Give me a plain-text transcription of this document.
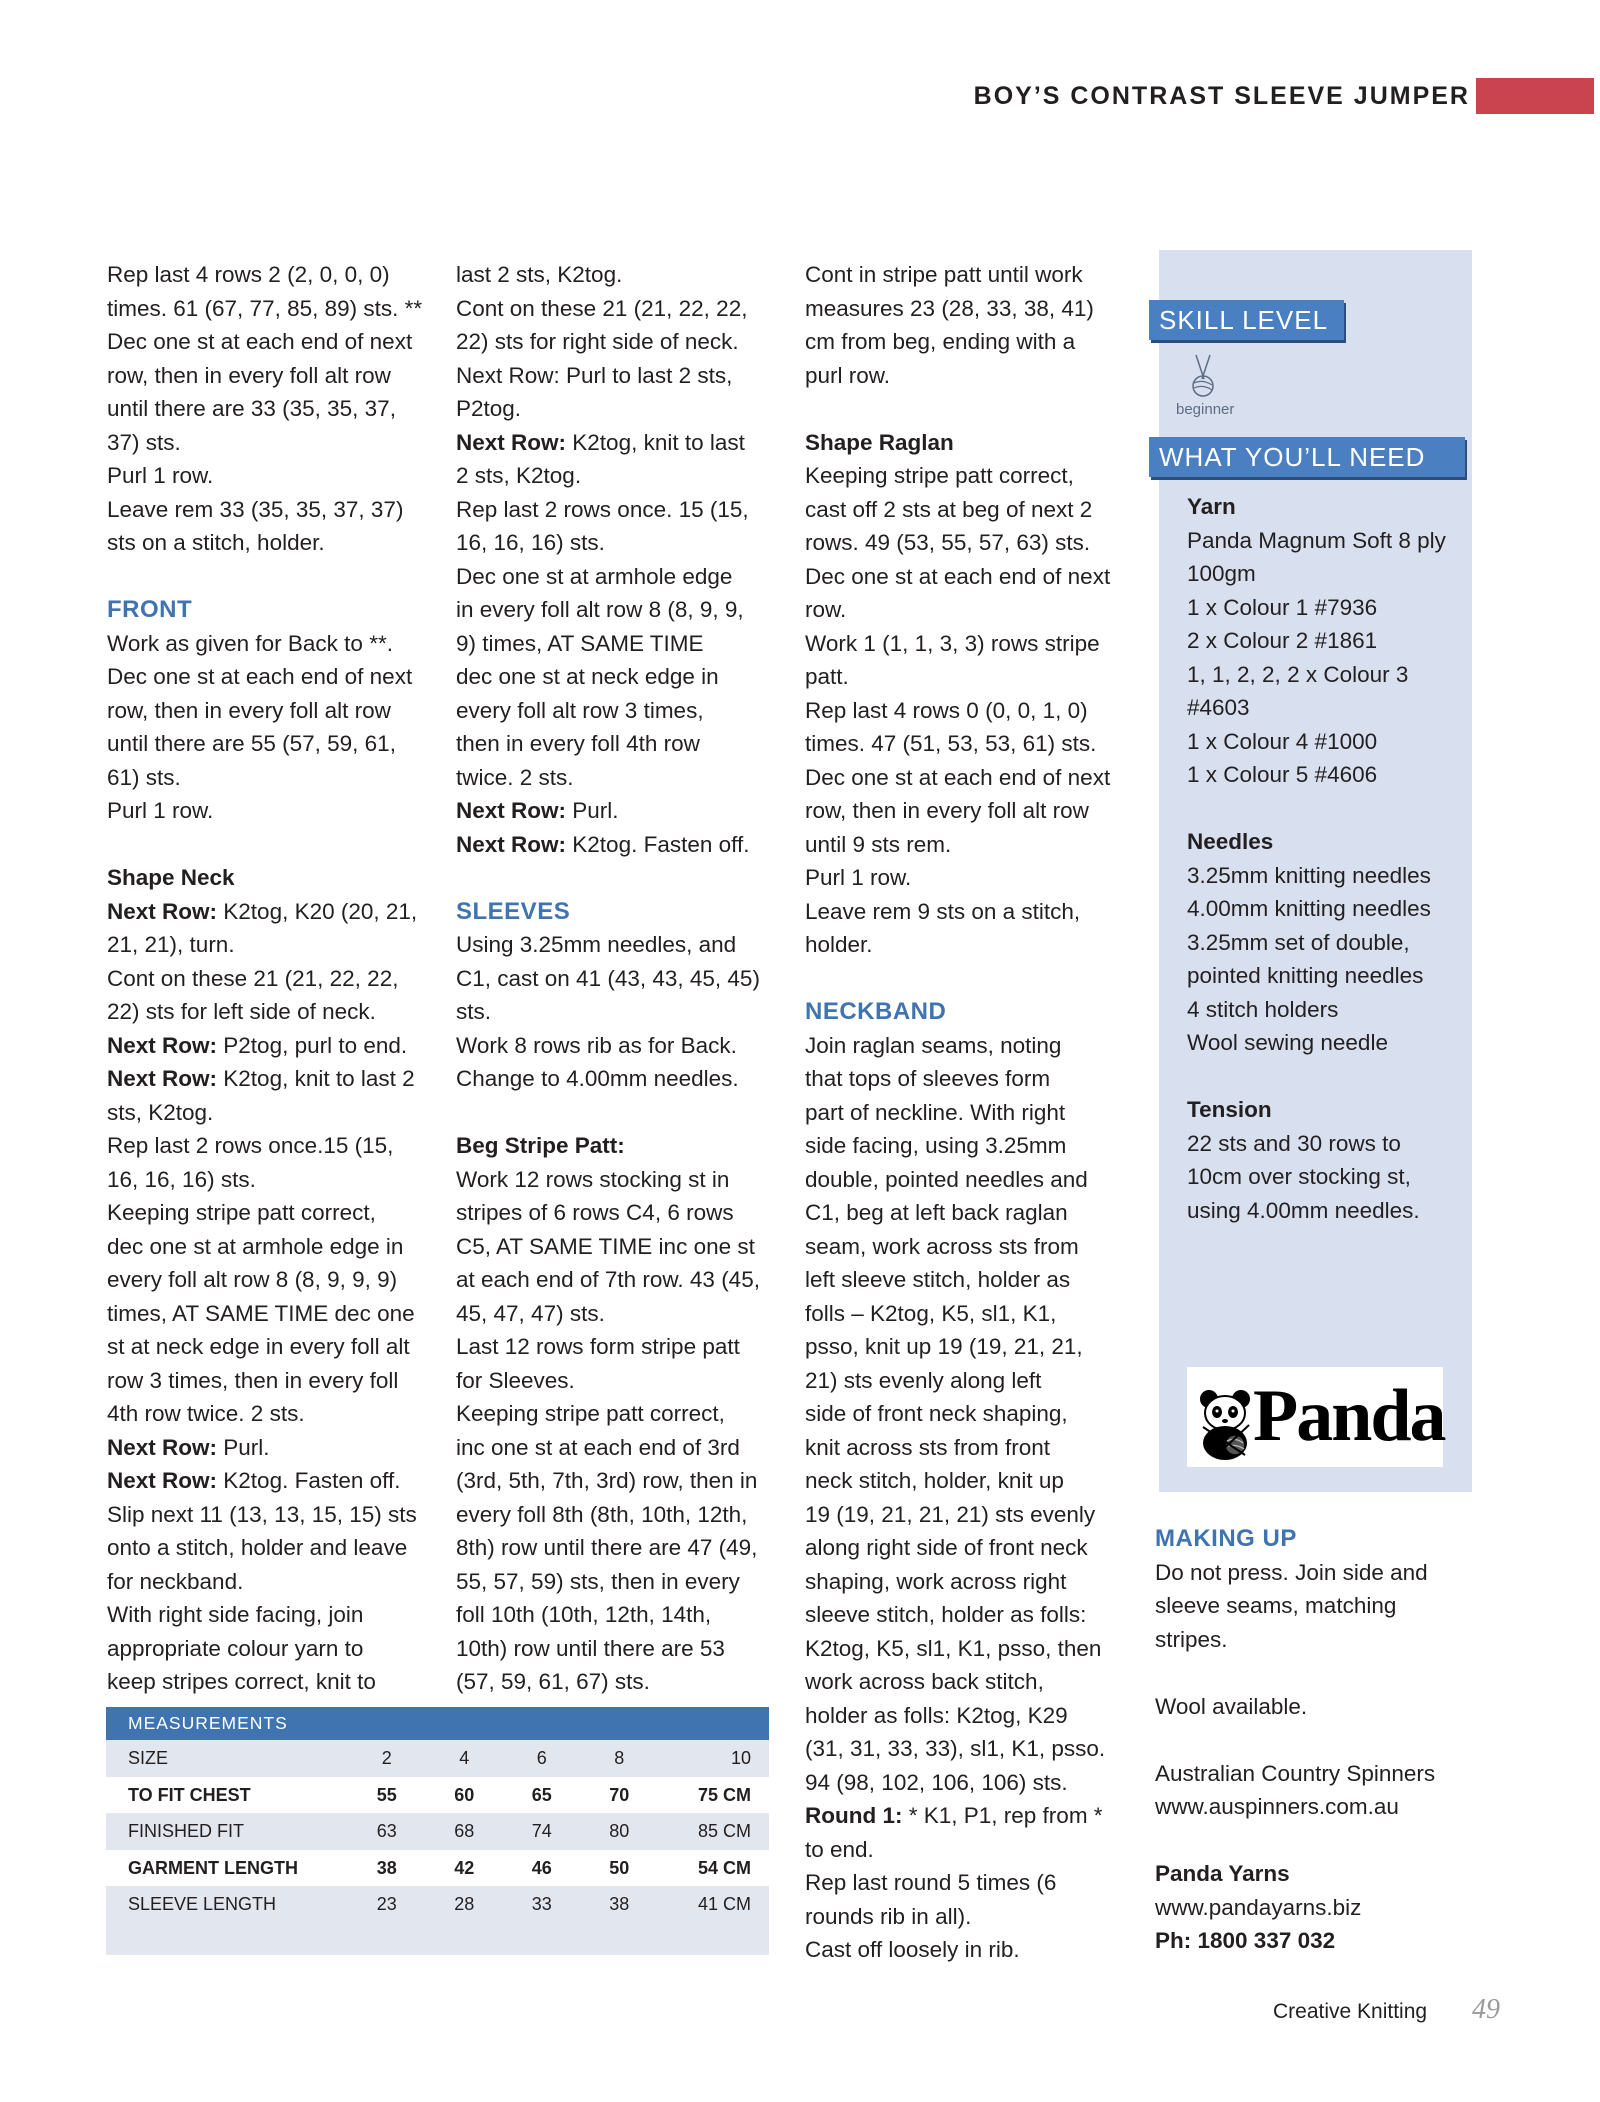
BOY’S CONTRAST SLEEVE JUMPER

Rep last 4 rows 2 (2, 0, 0, 0)

times. 61 (67, 77, 85, 89) sts. **

Dec one st at each end of next

row, then in every foll alt row

until there are 33 (35, 35, 37,

37) sts.

Purl 1 row.

Leave rem 33 (35, 35, 37, 37)

sts on a stitch, holder.

FRONT

Work as given for Back to **.

Dec one st at each end of next

row, then in every foll alt row

until there are 55 (57, 59, 61,

61) sts.

Purl 1 row.

Shape Neck

Next Row: K2tog, K20 (20, 21,

21, 21), turn.

Cont on these 21 (21, 22, 22,

22) sts for left side of neck.

Next Row: P2tog, purl to end.

Next Row: K2tog, knit to last 2

sts, K2tog.

Rep last 2 rows once.15 (15,

16, 16, 16) sts.

Keeping stripe patt correct,

dec one st at armhole edge in

every foll alt row 8 (8, 9, 9, 9)

times, AT SAME TIME dec one

st at neck edge in every foll alt

row 3 times, then in every foll

4th row twice. 2 sts.

Next Row: Purl.

Next Row: K2tog. Fasten off.

Slip next 11 (13, 13, 15, 15) sts

onto a stitch, holder and leave

for neckband.

With right side facing, join

appropriate colour yarn to

keep stripes correct, knit to

last 2 sts, K2tog.

Cont on these 21 (21, 22, 22,

22) sts for right side of neck.

Next Row: Purl to last 2 sts,

P2tog.

Next Row: K2tog, knit to last

2 sts, K2tog.

Rep last 2 rows once. 15 (15,

16, 16, 16) sts.

Dec one st at armhole edge

in every foll alt row 8 (8, 9, 9,

9) times, AT SAME TIME

dec one st at neck edge in

every foll alt row 3 times,

then in every foll 4th row

twice. 2 sts.

Next Row: Purl.

Next Row: K2tog. Fasten off.

SLEEVES

Using 3.25mm needles, and

C1, cast on 41 (43, 43, 45, 45)

sts.

Work 8 rows rib as for Back.

Change to 4.00mm needles.

Beg Stripe Patt:

Work 12 rows stocking st in

stripes of 6 rows C4, 6 rows

C5, AT SAME TIME inc one st

at each end of 7th row. 43 (45,

45, 47, 47) sts.

Last 12 rows form stripe patt

for Sleeves.

Keeping stripe patt correct,

inc one st at each end of 3rd

(3rd, 5th, 7th, 3rd) row, then in

every foll 8th (8th, 10th, 12th,

8th) row until there are 47 (49,

55, 57, 59) sts, then in every

foll 10th (10th, 12th, 14th,

10th) row until there are 53

(57, 59, 61, 67) sts.

Cont in stripe patt until work

measures 23 (28, 33, 38, 41)

cm from beg, ending with a

purl row.

Shape Raglan

Keeping stripe patt correct,

cast off 2 sts at beg of next 2

rows. 49 (53, 55, 57, 63) sts.

Dec one st at each end of next

row.

Work 1 (1, 1, 3, 3) rows stripe

patt.

Rep last 4 rows 0 (0, 0, 1, 0)

times. 47 (51, 53, 53, 61) sts.

Dec one st at each end of next

row, then in every foll alt row

until 9 sts rem.

Purl 1 row.

Leave rem 9 sts on a stitch,

holder.

NECKBAND

Join raglan seams, noting

that tops of sleeves form

part of neckline. With right

side facing, using 3.25mm

double, pointed needles and

C1, beg at left back raglan

seam, work across sts from

left sleeve stitch, holder as

folls – K2tog, K5, sl1, K1,

psso, knit up 19 (19, 21, 21,

21) sts evenly along left

side of front neck shaping,

knit across sts from front

neck stitch, holder, knit up

19 (19, 21, 21, 21) sts evenly

along right side of front neck

shaping, work across right

sleeve stitch, holder as folls:

K2tog, K5, sl1, K1, psso, then

work across back stitch,

holder as folls: K2tog, K29

(31, 31, 33, 33), sl1, K1, psso.

94 (98, 102, 106, 106) sts.

Round 1: * K1, P1, rep from *

to end.

Rep last round 5 times (6

rounds rib in all).

Cast off loosely in rib.

SKILL LEVEL
beginner
WHAT YOU’LL NEED

Yarn

Panda Magnum Soft 8 ply

100gm

1 x Colour 1 #7936

2 x Colour 2 #1861

1, 1, 2, 2, 2 x Colour 3

#4603

1 x Colour 4 #1000

1 x Colour 5 #4606

Needles

3.25mm knitting needles

4.00mm knitting needles

3.25mm set of double,

pointed knitting needles

4 stitch holders

Wool sewing needle

Tension

22 sts and 30 rows to

10cm over stocking st,

using 4.00mm needles.

Panda

MAKING UP

Do not press. Join side and

sleeve seams, matching

stripes.

Wool available.

Australian Country Spinners

www.auspinners.com.au

Panda Yarns

www.pandayarns.biz

Ph: 1800 337 032

MEASUREMENTS
SIZE	2	4	6	8	10
TO FIT CHEST	55	60	65	70	75 CM
FINISHED FIT	63	68	74	80	85 CM
GARMENT LENGTH	38	42	46	50	54 CM
SLEEVE LENGTH	23	28	33	38	41 CM
Creative Knitting 49
